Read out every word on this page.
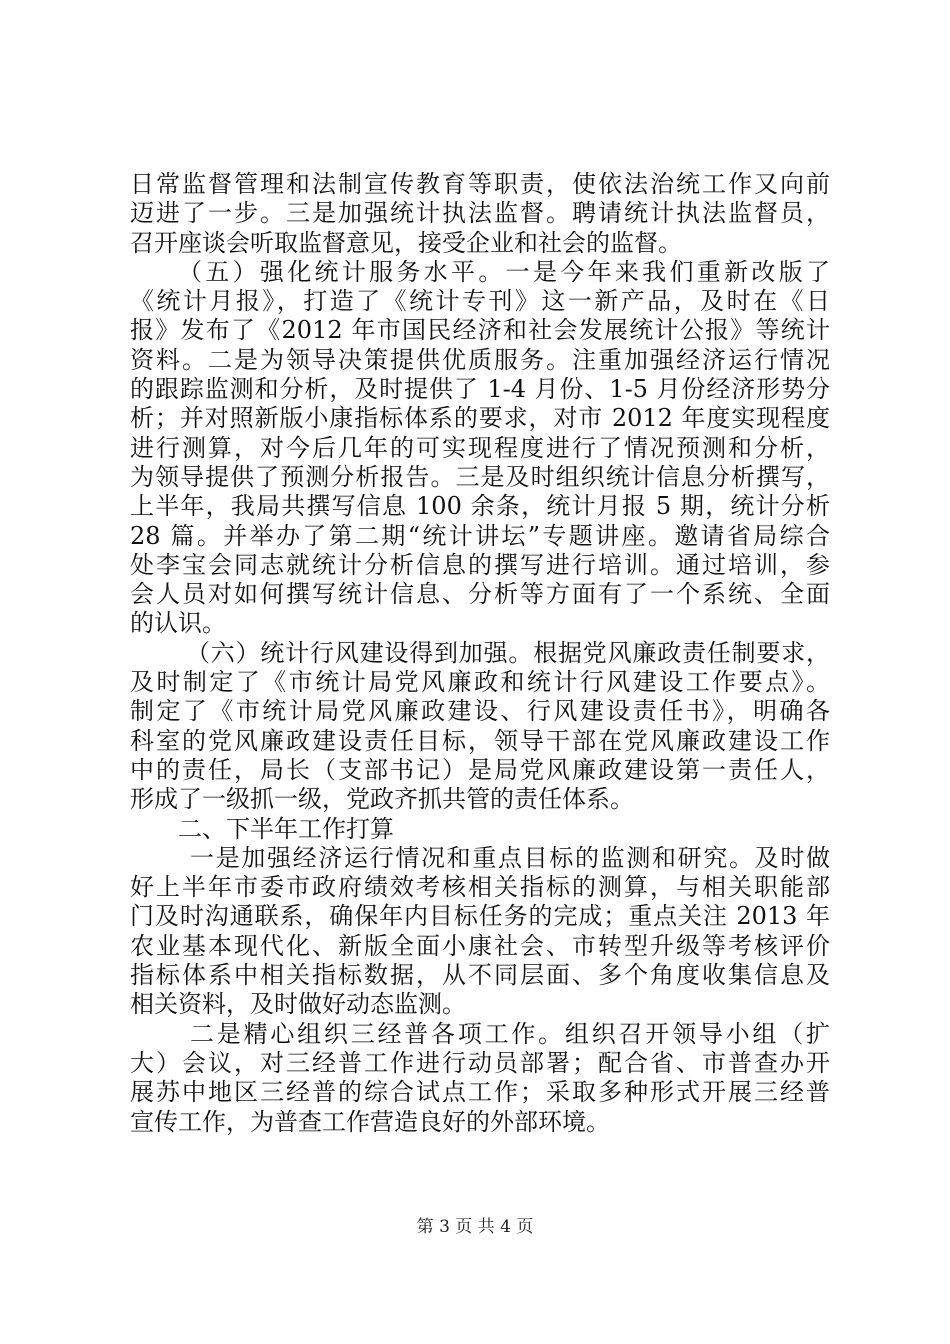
日常监督管理和法制宣传教育等职责，使依法治统工作又向前
迈进了一步。三是加强统计执法监督。聘请统计执法监督员，
召开座谈会听取监督意见，接受企业和社会的监督。
（五）强化统计服务水平。一是今年来我们重新改版了
《统计月报》，打造了《统计专刊》这一新产品，及时在《日
报》发布了《2012 年市国民经济和社会发展统计公报》等统计
资料。二是为领导决策提供优质服务。注重加强经济运行情况
的跟踪监测和分析，及时提供了 1-4 月份、1-5 月份经济形势分
析；并对照新版小康指标体系的要求，对市 2012 年度实现程度
进行测算，对今后几年的可实现程度进行了情况预测和分析，
为领导提供了预测分析报告。三是及时组织统计信息分析撰写，
上半年，我局共撰写信息 100 余条，统计月报 5 期，统计分析
28 篇。并举办了第二期“统计讲坛”专题讲座。邀请省局综合
处李宝会同志就统计分析信息的撰写进行培训。通过培训，参
会人员对如何撰写统计信息、分析等方面有了一个系统、全面
的认识。
（六）统计行风建设得到加强。根据党风廉政责任制要求，
及时制定了《市统计局党风廉政和统计行风建设工作要点》。
制定了《市统计局党风廉政建设、行风建设责任书》，明确各
科室的党风廉政建设责任目标，领导干部在党风廉政建设工作
中的责任，局长（支部书记）是局党风廉政建设第一责任人，
形成了一级抓一级，党政齐抓共管的责任体系。
二、下半年工作打算
一是加强经济运行情况和重点目标的监测和研究。及时做
好上半年市委市政府绩效考核相关指标的测算，与相关职能部
门及时沟通联系，确保年内目标任务的完成；重点关注 2013 年
农业基本现代化、新版全面小康社会、市转型升级等考核评价
指标体系中相关指标数据，从不同层面、多个角度收集信息及
相关资料，及时做好动态监测。
二是精心组织三经普各项工作。组织召开领导小组（扩
大）会议，对三经普工作进行动员部署；配合省、市普查办开
展苏中地区三经普的综合试点工作；采取多种形式开展三经普
宣传工作，为普查工作营造良好的外部环境。
第 3 页 共 4 页
